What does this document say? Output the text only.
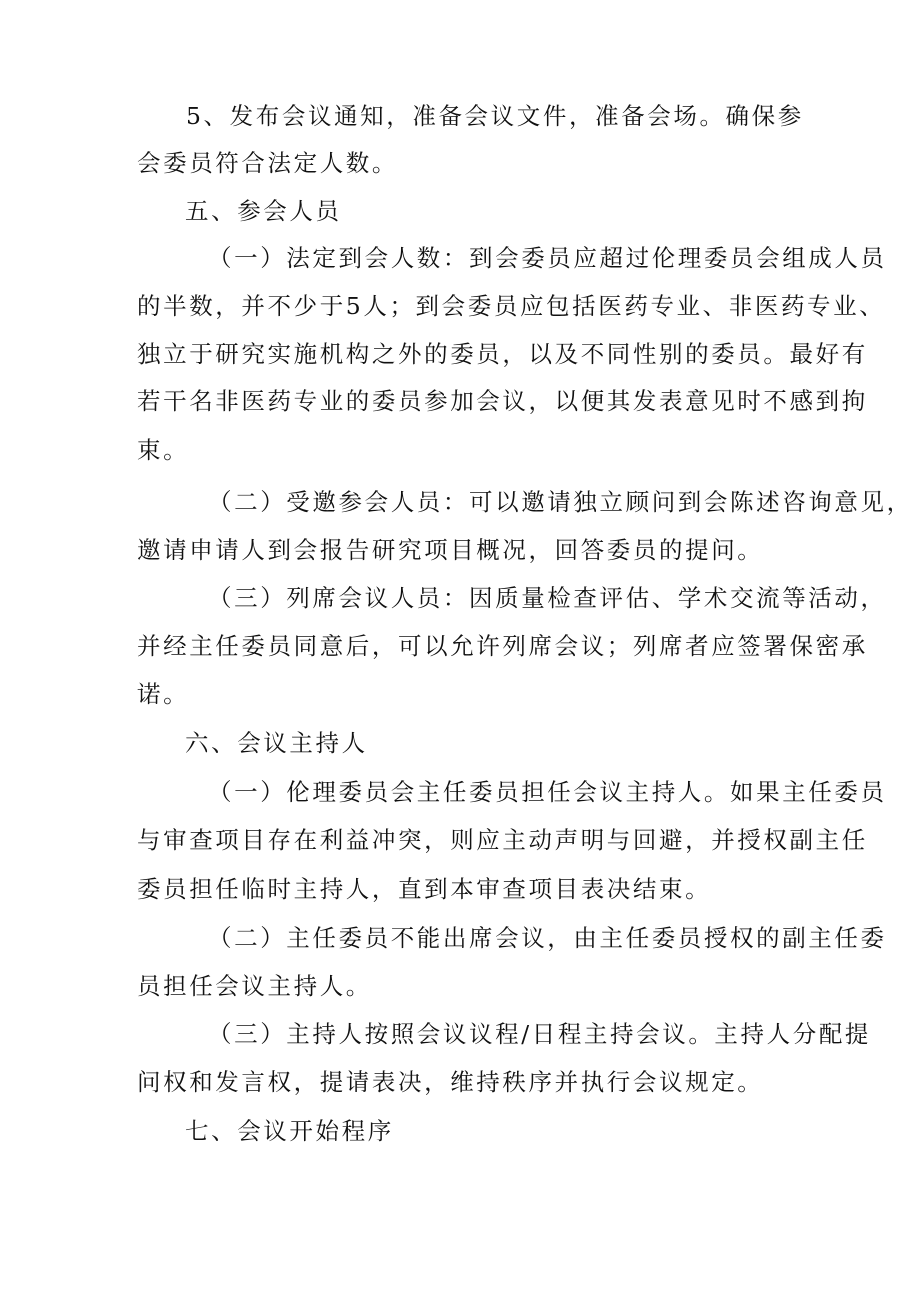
5、发布会议通知，准备会议文件，准备会场。确保参
会委员符合法定人数。
五、参会人员
（一）法定到会人数：到会委员应超过伦理委员会组成人员
的半数，并不少于5人；到会委员应包括医药专业、非医药专业、
独立于研究实施机构之外的委员，以及不同性别的委员。最好有
若干名非医药专业的委员参加会议，以便其发表意见时不感到拘
束。
（二）受邀参会人员：可以邀请独立顾问到会陈述咨询意见，
邀请申请人到会报告研究项目概况，回答委员的提问。
（三）列席会议人员：因质量检查评估、学术交流等活动，
并经主任委员同意后，可以允许列席会议；列席者应签署保密承
诺。
六、会议主持人
（一）伦理委员会主任委员担任会议主持人。如果主任委员
与审查项目存在利益冲突，则应主动声明与回避，并授权副主任
委员担任临时主持人，直到本审查项目表决结束。
（二）主任委员不能出席会议，由主任委员授权的副主任委
员担任会议主持人。
（三）主持人按照会议议程/日程主持会议。主持人分配提
问权和发言权，提请表决，维持秩序并执行会议规定。
七、会议开始程序
